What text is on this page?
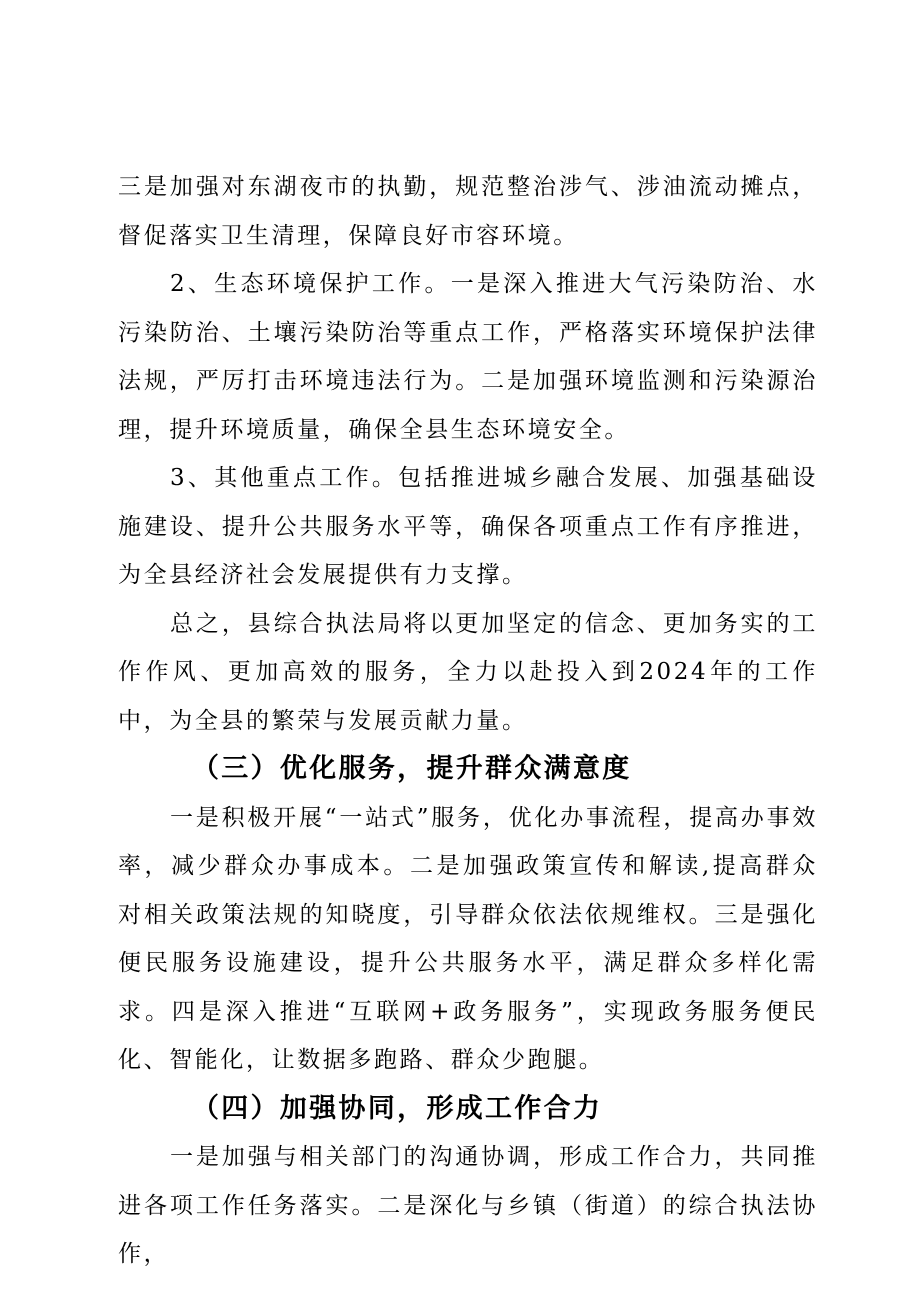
三是加强对东湖夜市的执勤，规范整治涉气、涉油流动摊点，督促落实卫生清理，保障良好市容环境。

2、生态环境保护工作。一是深入推进大气污染防治、水污染防治、土壤污染防治等重点工作，严格落实环境保护法律法规，严厉打击环境违法行为。二是加强环境监测和污染源治理，提升环境质量，确保全县生态环境安全。

3、其他重点工作。包括推进城乡融合发展、加强基础设施建设、提升公共服务水平等，确保各项重点工作有序推进，为全县经济社会发展提供有力支撑。

总之，县综合执法局将以更加坚定的信念、更加务实的工作作风、更加高效的服务，全力以赴投入到2024年的工作中，为全县的繁荣与发展贡献力量。

（三）优化服务，提升群众满意度

一是积极开展“一站式”服务，优化办事流程，提高办事效率，减少群众办事成本。二是加强政策宣传和解读,提高群众对相关政策法规的知晓度，引导群众依法依规维权。三是强化便民服务设施建设，提升公共服务水平，满足群众多样化需求。四是深入推进“互联网+政务服务”，实现政务服务便民化、智能化，让数据多跑路、群众少跑腿。

（四）加强协同，形成工作合力

一是加强与相关部门的沟通协调，形成工作合力，共同推进各项工作任务落实。二是深化与乡镇（街道）的综合执法协作，
